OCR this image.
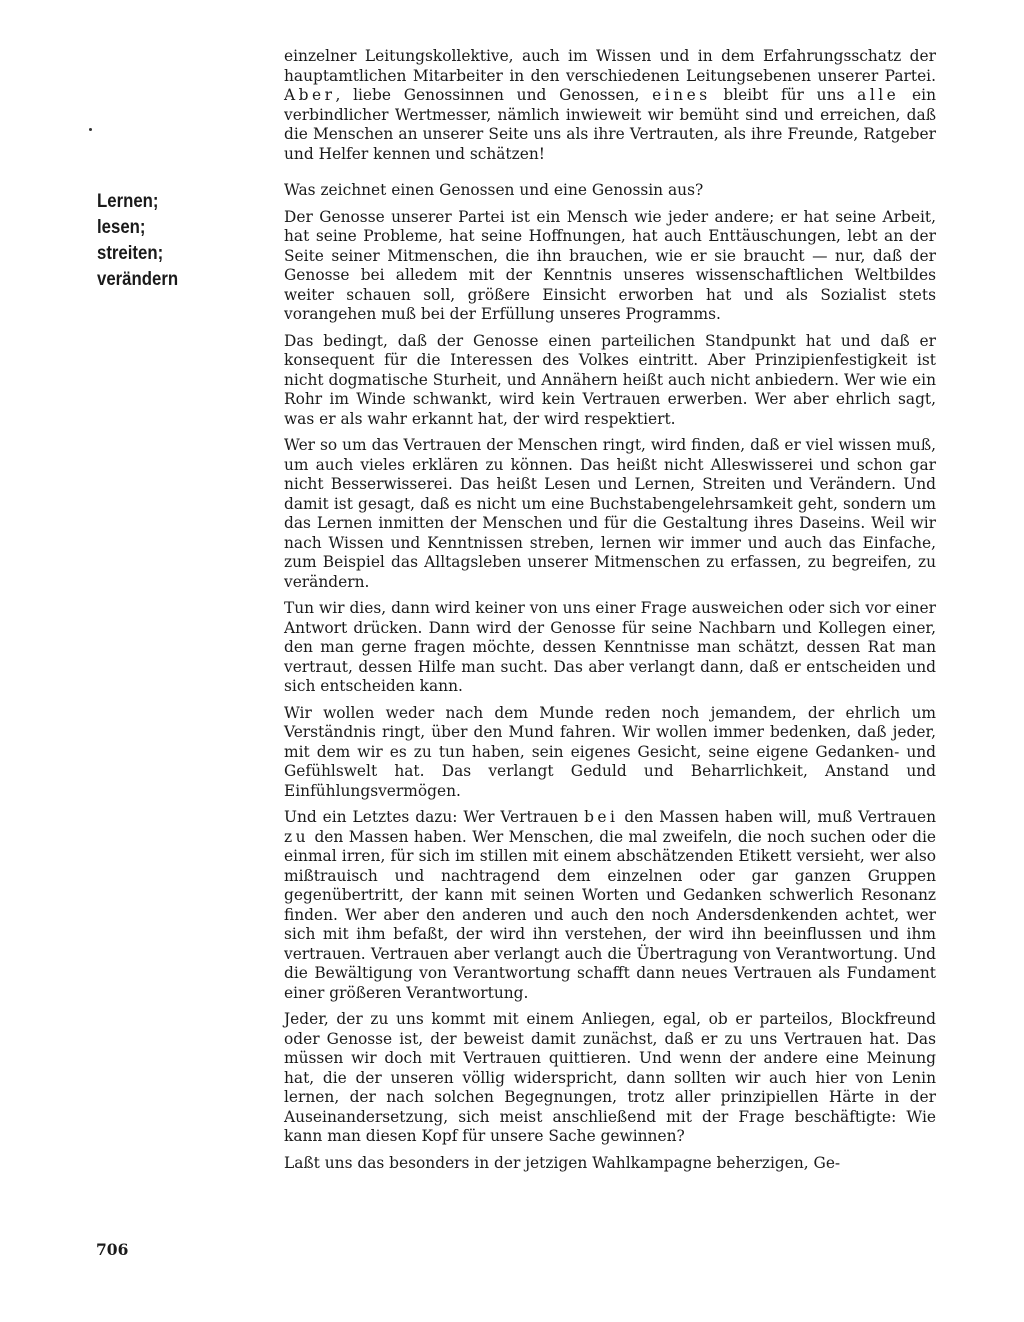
Lernen;
lesen;
streiten;
verändern

einzelner Leitungskollektive, auch im Wissen und in dem Erfahrungsschatz der hauptamtlichen Mitarbeiter in den verschiedenen Leitungsebenen unserer Partei. Aber, liebe Genossinnen und Genossen, eines bleibt für uns alle ein verbindlicher Wertmesser, nämlich inwieweit wir bemüht sind und erreichen, daß die Menschen an unserer Seite uns als ihre Vertrauten, als ihre Freunde, Ratgeber und Helfer kennen und schätzen!

Was zeichnet einen Genossen und eine Genossin aus?

Der Genosse unserer Partei ist ein Mensch wie jeder andere; er hat seine Arbeit, hat seine Probleme, hat seine Hoffnungen, hat auch Enttäuschungen, lebt an der Seite seiner Mitmenschen, die ihn brauchen, wie er sie braucht — nur, daß der Genosse bei alledem mit der Kenntnis unseres wissenschaftlichen Weltbildes weiter schauen soll, größere Einsicht erworben hat und als Sozialist stets vorangehen muß bei der Erfüllung unseres Programms.

Das bedingt, daß der Genosse einen parteilichen Standpunkt hat und daß er konsequent für die Interessen des Volkes eintritt. Aber Prinzipienfestigkeit ist nicht dogmatische Sturheit, und Annähern heißt auch nicht anbiedern. Wer wie ein Rohr im Winde schwankt, wird kein Vertrauen erwerben. Wer aber ehrlich sagt, was er als wahr erkannt hat, der wird respektiert.

Wer so um das Vertrauen der Menschen ringt, wird finden, daß er viel wissen muß, um auch vieles erklären zu können. Das heißt nicht Alleswisserei und schon gar nicht Besserwisserei. Das heißt Lesen und Lernen, Streiten und Verändern. Und damit ist gesagt, daß es nicht um eine Buchstabengelehrsamkeit geht, sondern um das Lernen inmitten der Menschen und für die Gestaltung ihres Daseins. Weil wir nach Wissen und Kenntnissen streben, lernen wir immer und auch das Einfache, zum Beispiel das Alltagsleben unserer Mitmenschen zu erfassen, zu begreifen, zu verändern.

Tun wir dies, dann wird keiner von uns einer Frage ausweichen oder sich vor einer Antwort drücken. Dann wird der Genosse für seine Nachbarn und Kollegen einer, den man gerne fragen möchte, dessen Kenntnisse man schätzt, dessen Rat man vertraut, dessen Hilfe man sucht. Das aber verlangt dann, daß er entscheiden und sich entscheiden kann.

Wir wollen weder nach dem Munde reden noch jemandem, der ehrlich um Verständnis ringt, über den Mund fahren. Wir wollen immer bedenken, daß jeder, mit dem wir es zu tun haben, sein eigenes Gesicht, seine eigene Gedanken- und Gefühlswelt hat. Das verlangt Geduld und Beharrlichkeit, Anstand und Einfühlungsvermögen.

Und ein Letztes dazu: Wer Vertrauen bei den Massen haben will, muß Vertrauen zu den Massen haben. Wer Menschen, die mal zweifeln, die noch suchen oder die einmal irren, für sich im stillen mit einem abschätzenden Etikett versieht, wer also mißtrauisch und nachtragend dem einzelnen oder gar ganzen Gruppen gegenübertritt, der kann mit seinen Worten und Gedanken schwerlich Resonanz finden. Wer aber den anderen und auch den noch Andersdenkenden achtet, wer sich mit ihm befaßt, der wird ihn verstehen, der wird ihn beeinflussen und ihm vertrauen. Vertrauen aber verlangt auch die Übertragung von Verantwortung. Und die Bewältigung von Verantwortung schafft dann neues Vertrauen als Fundament einer größeren Verantwortung.

Jeder, der zu uns kommt mit einem Anliegen, egal, ob er parteilos, Blockfreund oder Genosse ist, der beweist damit zunächst, daß er zu uns Vertrauen hat. Das müssen wir doch mit Vertrauen quittieren. Und wenn der andere eine Meinung hat, die der unseren völlig widerspricht, dann sollten wir auch hier von Lenin lernen, der nach solchen Begegnungen, trotz aller prinzipiellen Härte in der Auseinandersetzung, sich meist anschließend mit der Frage beschäftigte: Wie kann man diesen Kopf für unsere Sache gewinnen?

Laßt uns das besonders in der jetzigen Wahlkampagne beherzigen, Ge-

706
